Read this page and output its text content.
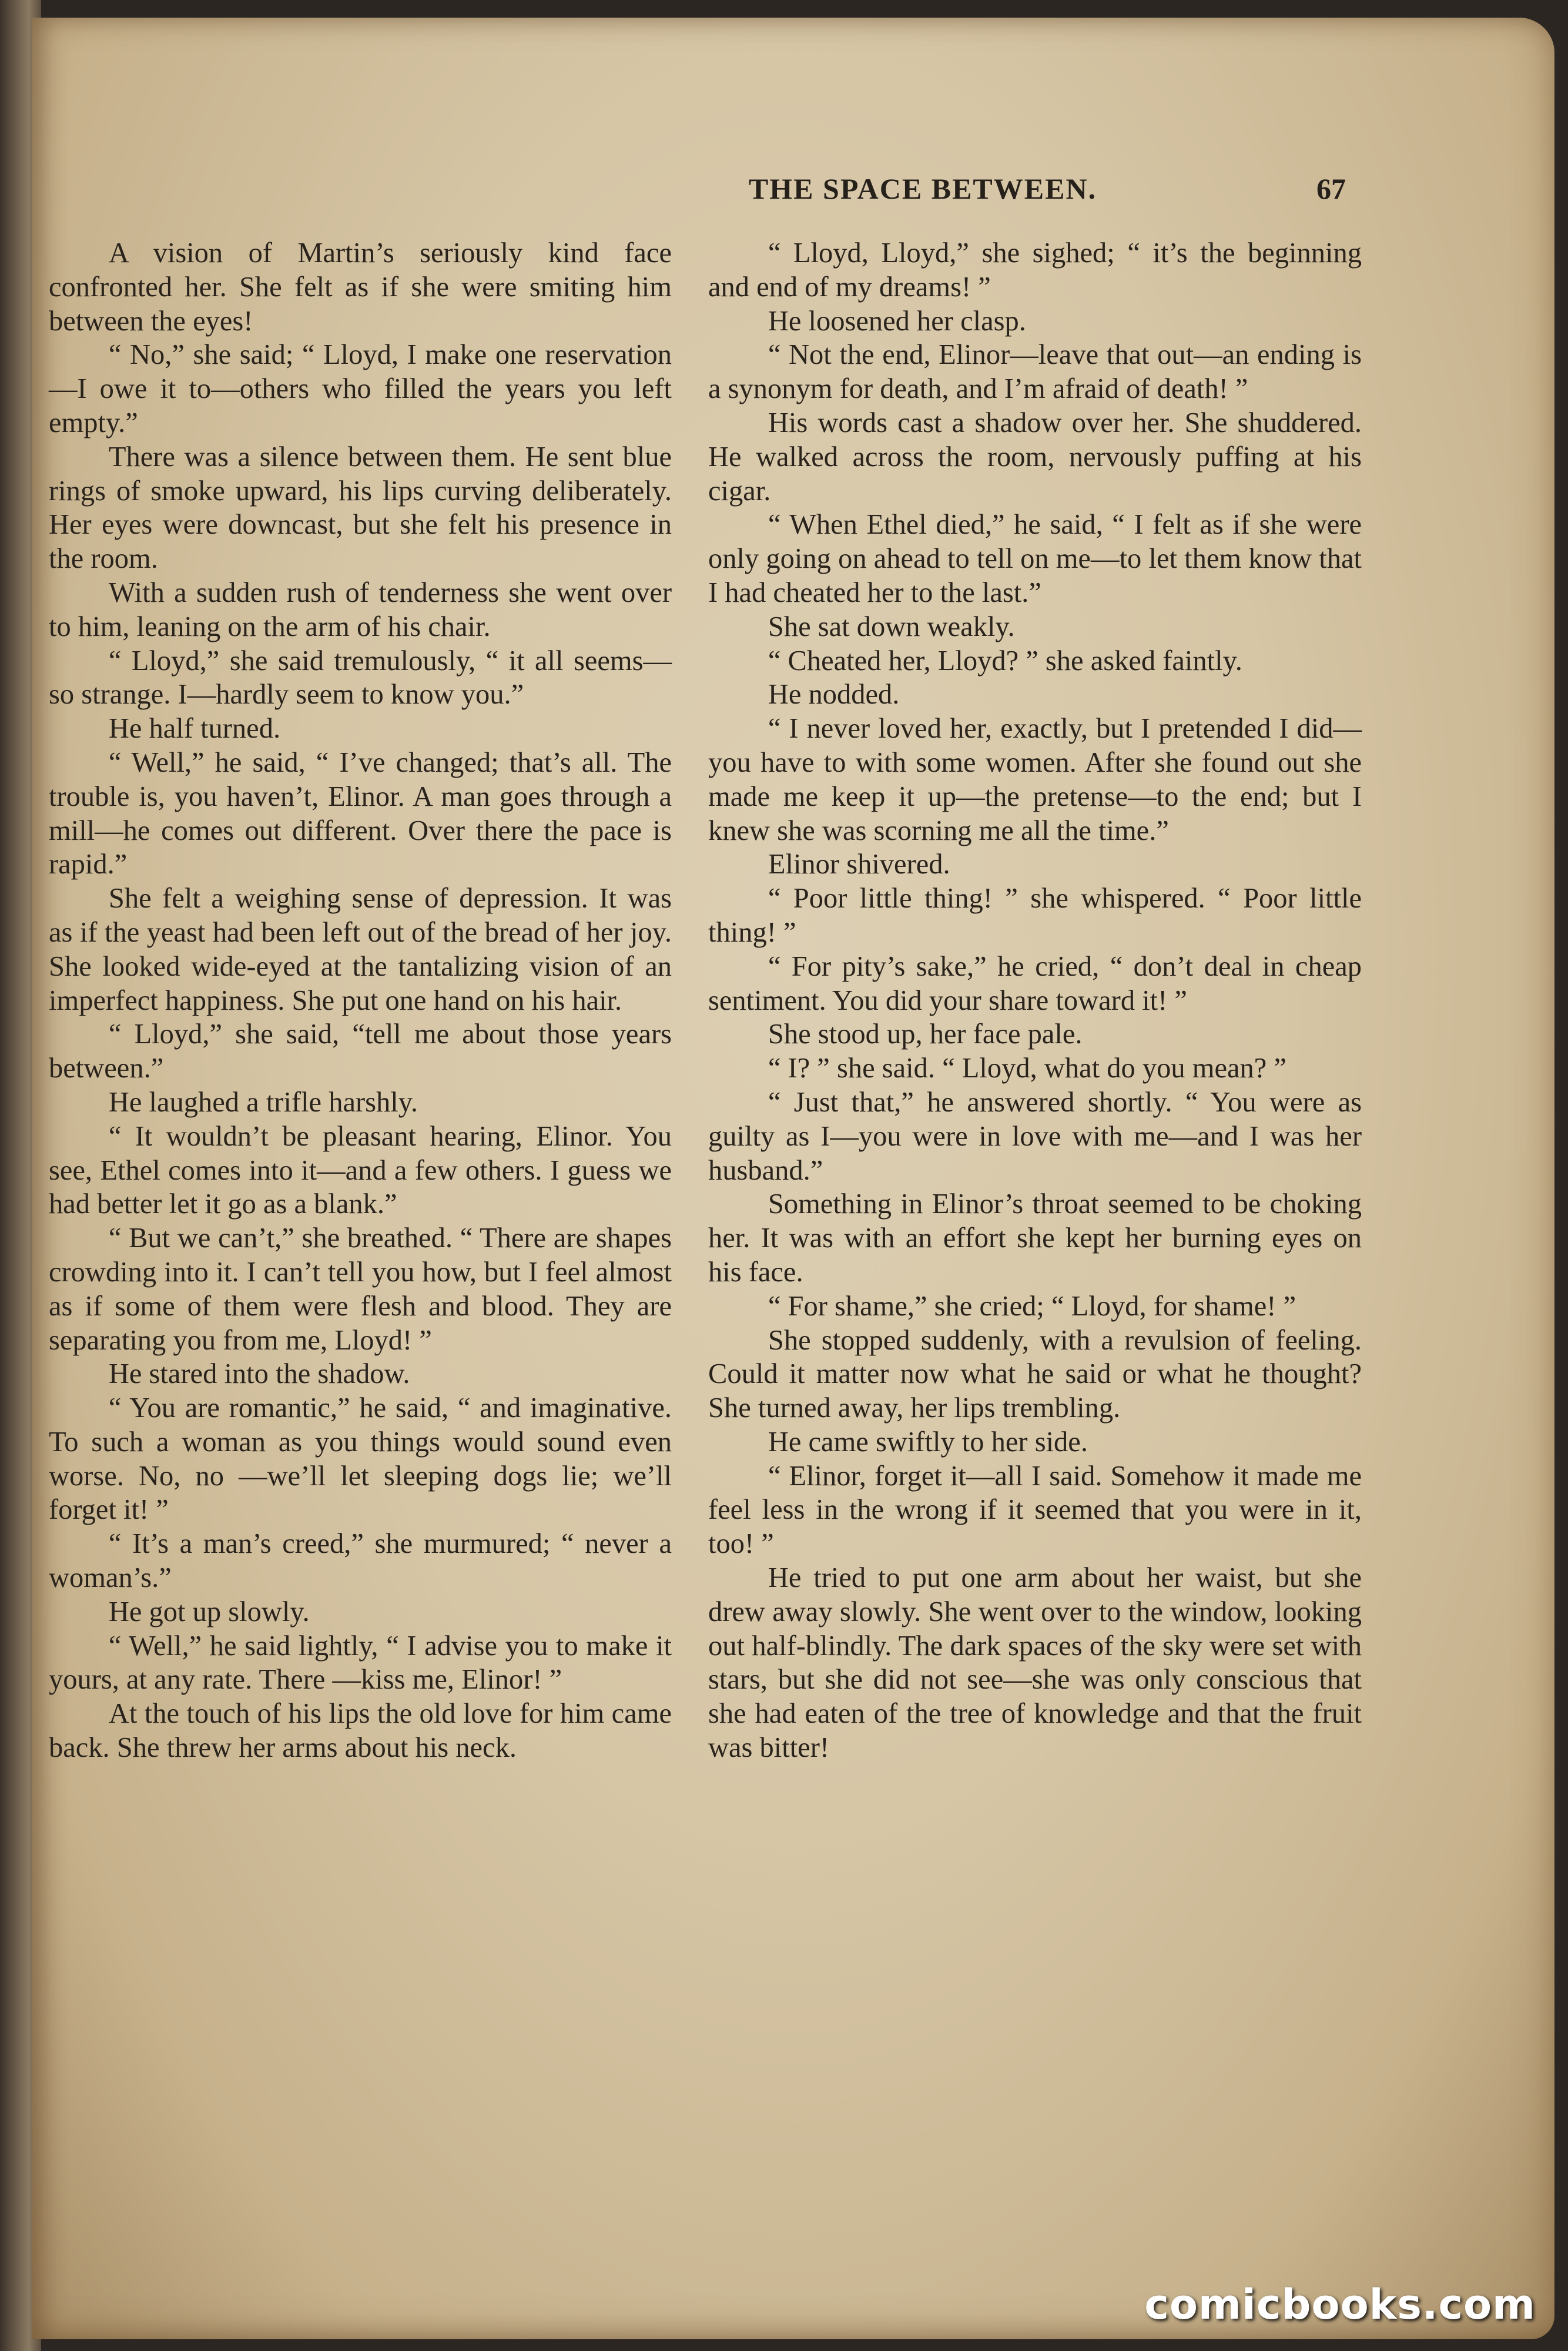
THE SPACE BETWEEN.	67

A vision of Martin’s seriously kind face confronted her. She felt as if she were smiting him between the eyes!

“ No,” she said; “ Lloyd, I make one reservation—I owe it to—others who filled the years you left empty.”

There was a silence between them. He sent blue rings of smoke upward, his lips curving deliberately. Her eyes were downcast, but she felt his presence in the room.

With a sudden rush of tenderness she went over to him, leaning on the arm of his chair.

“ Lloyd,” she said tremulously, “ it all seems—so strange. I—hardly seem to know you.”

He half turned.

“ Well,” he said, “ I’ve changed; that’s all. The trouble is, you haven’t, Elinor. A man goes through a mill—he comes out different. Over there the pace is rapid.”

She felt a weighing sense of depression. It was as if the yeast had been left out of the bread of her joy. She looked wide-eyed at the tantalizing vision of an imperfect happiness. She put one hand on his hair.

“ Lloyd,” she said, “tell me about those years between.”

He laughed a trifle harshly.

“ It wouldn’t be pleasant hearing, Elinor. You see, Ethel comes into it—and a few others. I guess we had better let it go as a blank.”

“ But we can’t,” she breathed. “ There are shapes crowding into it. I can’t tell you how, but I feel almost as if some of them were flesh and blood. They are separating you from me, Lloyd! ”

He stared into the shadow.

“ You are romantic,” he said, “ and imaginative. To such a woman as you things would sound even worse. No, no —we’ll let sleeping dogs lie; we’ll forget it! ”

“ It’s a man’s creed,” she murmured; “ never a woman’s.”

He got up slowly.

“ Well,” he said lightly, “ I advise you to make it yours, at any rate. There —kiss me, Elinor! ”

At the touch of his lips the old love for him came back. She threw her arms about his neck.

“ Lloyd, Lloyd,” she sighed; “ it’s the beginning and end of my dreams! ”

He loosened her clasp.

“ Not the end, Elinor—leave that out—an ending is a synonym for death, and I’m afraid of death! ”

His words cast a shadow over her. She shuddered. He walked across the room, nervously puffing at his cigar.

“ When Ethel died,” he said, “ I felt as if she were only going on ahead to tell on me—to let them know that I had cheated her to the last.”

She sat down weakly.

“ Cheated her, Lloyd? ” she asked faintly.

He nodded.

“ I never loved her, exactly, but I pretended I did—you have to with some women. After she found out she made me keep it up—the pretense—to the end; but I knew she was scorning me all the time.”

Elinor shivered.

“ Poor little thing! ” she whispered. “ Poor little thing! ”

“ For pity’s sake,” he cried, “ don’t deal in cheap sentiment. You did your share toward it! ”

She stood up, her face pale.

“ I? ” she said. “ Lloyd, what do you mean? ”

“ Just that,” he answered shortly. “ You were as guilty as I—you were in love with me—and I was her husband.”

Something in Elinor’s throat seemed to be choking her. It was with an effort she kept her burning eyes on his face.

“ For shame,” she cried; “ Lloyd, for shame! ”

She stopped suddenly, with a revulsion of feeling. Could it matter now what he said or what he thought? She turned away, her lips trembling.

He came swiftly to her side.

“ Elinor, forget it—all I said. Somehow it made me feel less in the wrong if it seemed that you were in it, too! ”

He tried to put one arm about her waist, but she drew away slowly. She went over to the window, looking out half-blindly. The dark spaces of the sky were set with stars, but she did not see—she was only conscious that she had eaten of the tree of knowledge and that the fruit was bitter!

comicbooks.com
